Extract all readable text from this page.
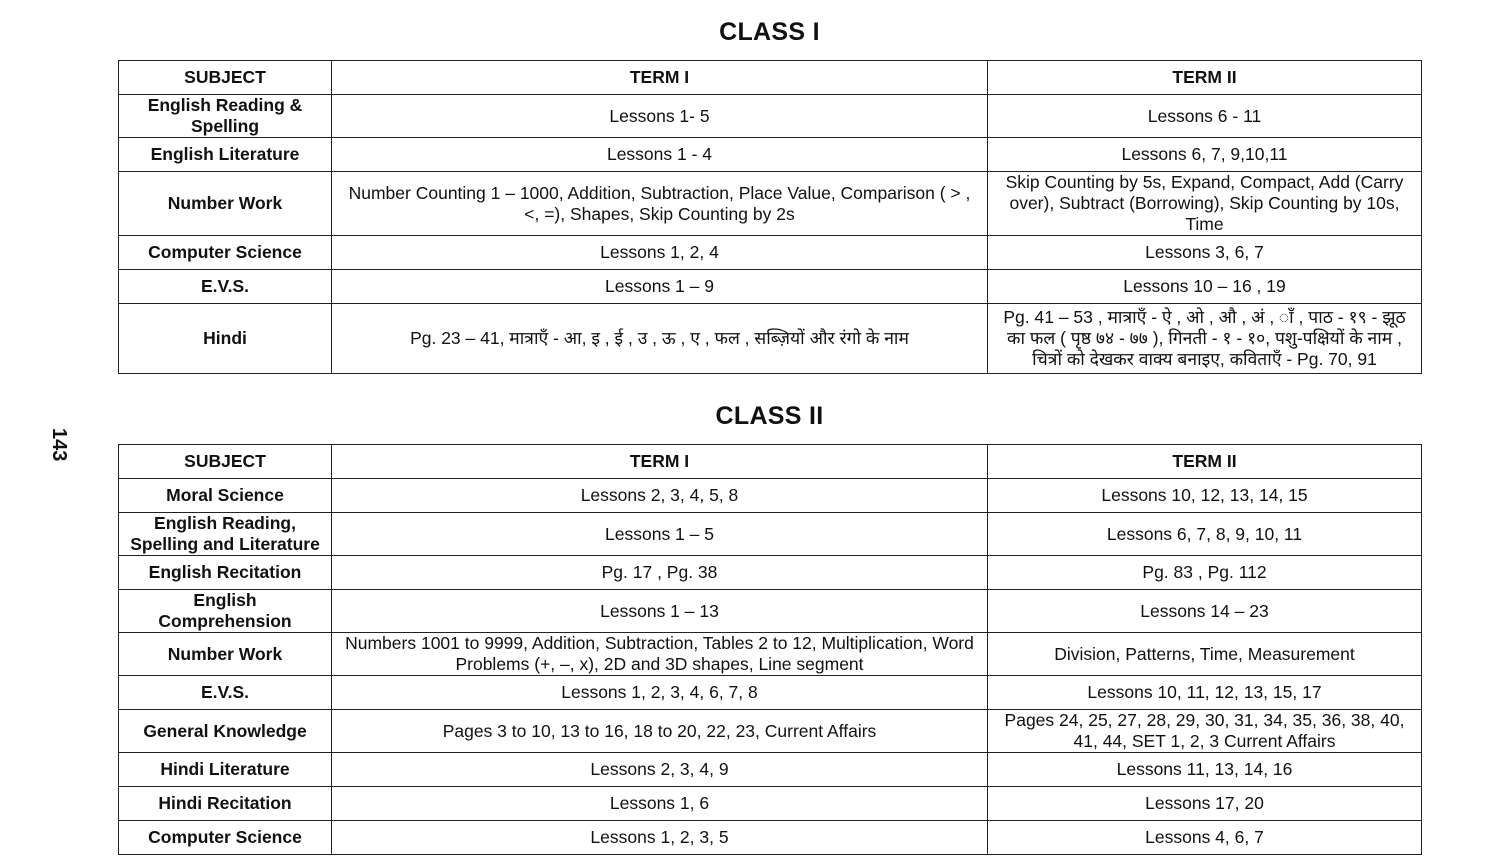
CLASS I
143
SUBJECT	TERM I	TERM II
English Reading & Spelling	Lessons 1- 5	Lessons 6 - 11
English Literature	Lessons 1 - 4	Lessons 6, 7, 9,10,11
Number Work	Number Counting 1 – 1000, Addition, Subtraction, Place Value, Comparison ( > , <, =), Shapes, Skip Counting by 2s	Skip Counting by 5s, Expand, Compact, Add (Carry over), Subtract (Borrowing), Skip Counting by 10s, Time
Computer Science	Lessons 1, 2, 4	Lessons 3, 6, 7
E.V.S.	Lessons 1 – 9	Lessons 10 – 16 , 19
Hindi	Pg. 23 – 41, मात्राएँ - आ, इ , ई , उ , ऊ , ए , फल , सब्ज़ियों और रंगो के नाम	Pg. 41 – 53 , मात्राएँ - ऐ , ओ , औ , अं , ाँ , पाठ - १९ - झूठ का फल ( पृष्ठ ७४ - ७७ ), गिनती - १ - १०, पशु-पक्षियों के नाम , चित्रों को देखकर वाक्य बनाइए, कविताएँ - Pg. 70, 91
CLASS II
SUBJECT	TERM I	TERM II
Moral Science	Lessons 2, 3, 4, 5, 8	Lessons 10, 12, 13, 14, 15
English Reading, Spelling and Literature	Lessons 1 – 5	Lessons 6, 7, 8, 9, 10, 11
English Recitation	Pg. 17 , Pg. 38	Pg. 83 , Pg. 112
English Comprehension	Lessons 1 – 13	Lessons 14 – 23
Number Work	Numbers 1001 to 9999, Addition, Subtraction, Tables 2 to 12, Multiplication, Word Problems (+, –, x), 2D and 3D shapes, Line segment	Division, Patterns, Time, Measurement
E.V.S.	Lessons 1, 2, 3, 4, 6, 7, 8	Lessons 10, 11, 12, 13, 15, 17
General Knowledge	Pages 3 to 10, 13 to 16, 18 to 20, 22, 23, Current Affairs	Pages 24, 25, 27, 28, 29, 30, 31, 34, 35, 36, 38, 40, 41, 44, SET 1, 2, 3 Current Affairs
Hindi Literature	Lessons 2, 3, 4, 9	Lessons 11, 13, 14, 16
Hindi Recitation	Lessons 1, 6	Lessons 17, 20
Computer Science	Lessons 1, 2, 3, 5	Lessons 4, 6, 7
